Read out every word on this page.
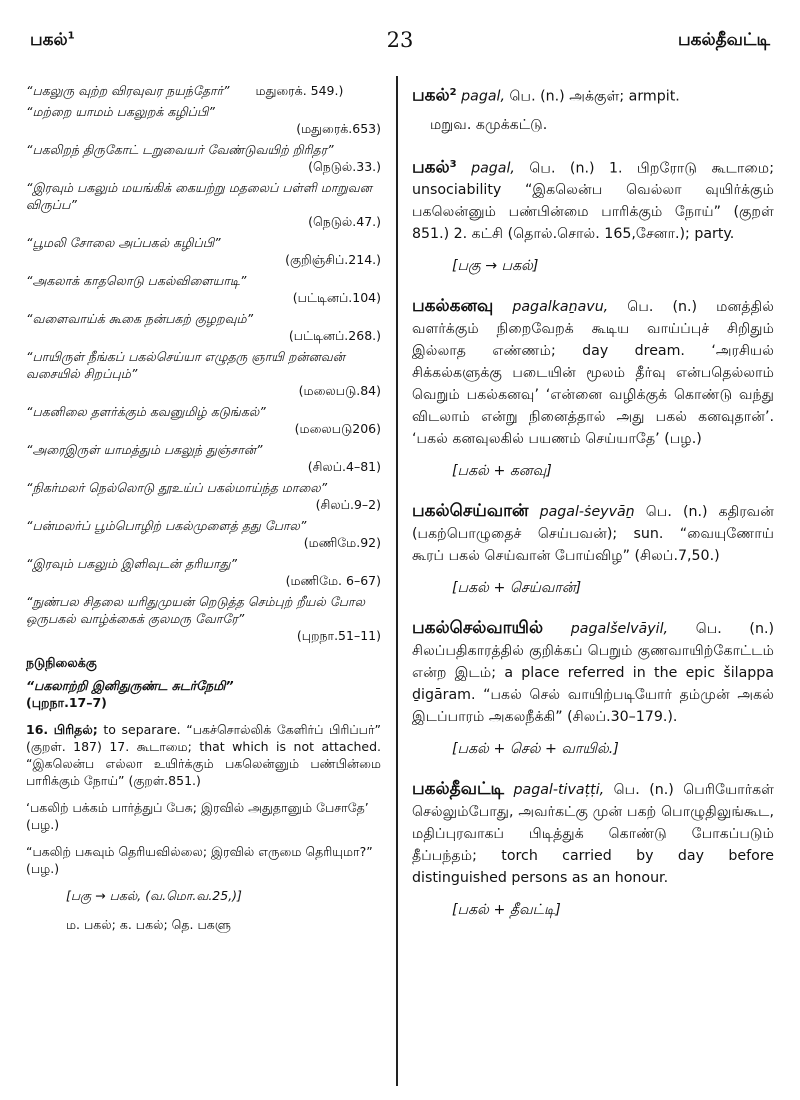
பகல்$^1$	23	பகல்தீவட்டி
“பகலுரு வுற்ற விரவுவர நயந்தோர்” மதுரைக். 549.)
“மற்றை யாமம் பகலுறக் கழிப்பி”
(மதுரைக்.653)
“பகலிறந் திருகோட் டறுவையர் வேண்டுவயிற் றிரிதர”
(நெடுல்.33.)
“இரவும் பகலும் மயங்கிக் கையற்று மதலைப் பள்ளி மாறுவன விருப்ப”
(நெடுல்.47.)
“பூமலி சோலை அப்பகல் கழிப்பி”
(குறிஞ்சிப்.214.)
“அகலாக் காதலொடு பகல்விளையாடி”
(பட்டினப்.104)
“வளைவாய்க் கூகை நன்பகற் குழறவும்”
(பட்டினப்.268.)
“பாயிருள் நீங்கப் பகல்செய்யா எழுதரு ஞாயி றன்னவன் வசையில் சிறப்பும்”
(மலைபடு.84)
“பகனிலை தளர்க்கும் கவனுமிழ் கடுங்கல்”
(மலைபடு206)
“அரைஇருள் யாமத்தும் பகலுந் துஞ்சான்”
(சிலப்.4–81)
“நிகர்மலர் நெல்லொடு தூஉய்ப் பகல்மாய்ந்த மாலை”
(சிலப்.9–2)
“பன்மலர்ப் பூம்பொழிற் பகல்முளைத் தது போல”
(மணிமே.92)
“இரவும் பகலும் இளிவுடன் தரியாது”
(மணிமே. 6–67)
“நுண்பல சிதலை யரிதுமுயன் றெடுத்த செம்புற் றீயல் போல ஒருபகல் வாழ்க்கைக் குலமரு வோரே”
(புறநா.51–11)
நடுநிலைக்கு
“பகலாற்றி இனிதுருண்ட சுடர்நேமி”
(புறநா.17–7)
16. பிரிதல்; to separare. “பகச்சொல்லிக் கேளிர்ப் பிரிப்பர்” (குறள். 187) 17. கூடாமை; that which is not attached. “இகலென்ப எல்லா உயிர்க்கும் பகலென்னும் பண்பின்மை பாரிக்கும் நோய்” (குறள்.851.)
‘பகலிற் பக்கம் பார்த்துப் பேசு; இரவில் அதுதானும் பேசாதே’ (பழ.)
“பகலிற் பசுவும் தெரியவில்லை; இரவில் எருமை தெரியுமா?” (பழ.)
[பகு → பகல், (வ.மொ.வ.25,)]
ம. பகல்; க. பகல்; தெ. பகளு
பகல்$^2$ pagal, பெ. (n.) அக்குள்; armpit.
மறுவ. கமுக்கட்டு.
பகல்$^3$ pagal, பெ. (n.) 1. பிறரோடு கூடாமை; unsociability “இகலென்ப வெல்லா வுயிர்க்கும் பகலென்னும் பண்பின்மை பாரிக்கும் நோய்” (குறள் 851.) 2. கட்சி (தொல்.சொல். 165,சேனா.); party.
[பகு → பகல்]
பகல்கனவு pagalkaṉavu, பெ. (n.) மனத்தில் வளர்க்கும் நிறைவேறக் கூடிய வாய்ப்புச் சிறிதும் இல்லாத எண்ணம்; day dream. ‘அரசியல் சிக்கல்களுக்கு படையின் மூலம் தீர்வு என்பதெல்லாம் வெறும் பகல்கனவு’ ‘என்னை வழிக்குக் கொண்டு வந்து விடலாம் என்று நினைத்தால் அது பகல் கனவுதான்’. ‘பகல் கனவுலகில் பயணம் செய்யாதே’ (பழ.)
[பகல் + கனவு]
பகல்செய்வான் pagal-ṡeyvāṉ பெ. (n.) கதிரவன் (பகற்பொழுதைச் செய்பவன்); sun. “வையுணோய் கூரப் பகல் செய்வான் போய்விழ” (சிலப்.7,50.)
[பகல் + செய்வான்]
பகல்செல்வாயில் pagalšelvāyil, பெ. (n.) சிலப்பதிகாரத்தில் குறிக்கப் பெறும் குணவாயிற்கோட்டம் என்ற இடம்; a place referred in the epic šilappa ḏigāram. “பகல் செல் வாயிற்படியோர் தம்முன் அகல் இடப்பாரம் அகலநீக்கி” (சிலப்.30–179.).
[பகல் + செல் + வாயில்.]
பகல்தீவட்டி pagal-tivaṭṭi, பெ. (n.) பெரியோர்கள் செல்லும்போது, அவர்கட்கு முன் பகற் பொழுதிலுங்கூட, மதிப்புரவாகப் பிடித்துக் கொண்டு போகப்படும் தீப்பந்தம்; torch carried by day before distinguished persons as an honour.
[பகல் + தீவட்டி]
